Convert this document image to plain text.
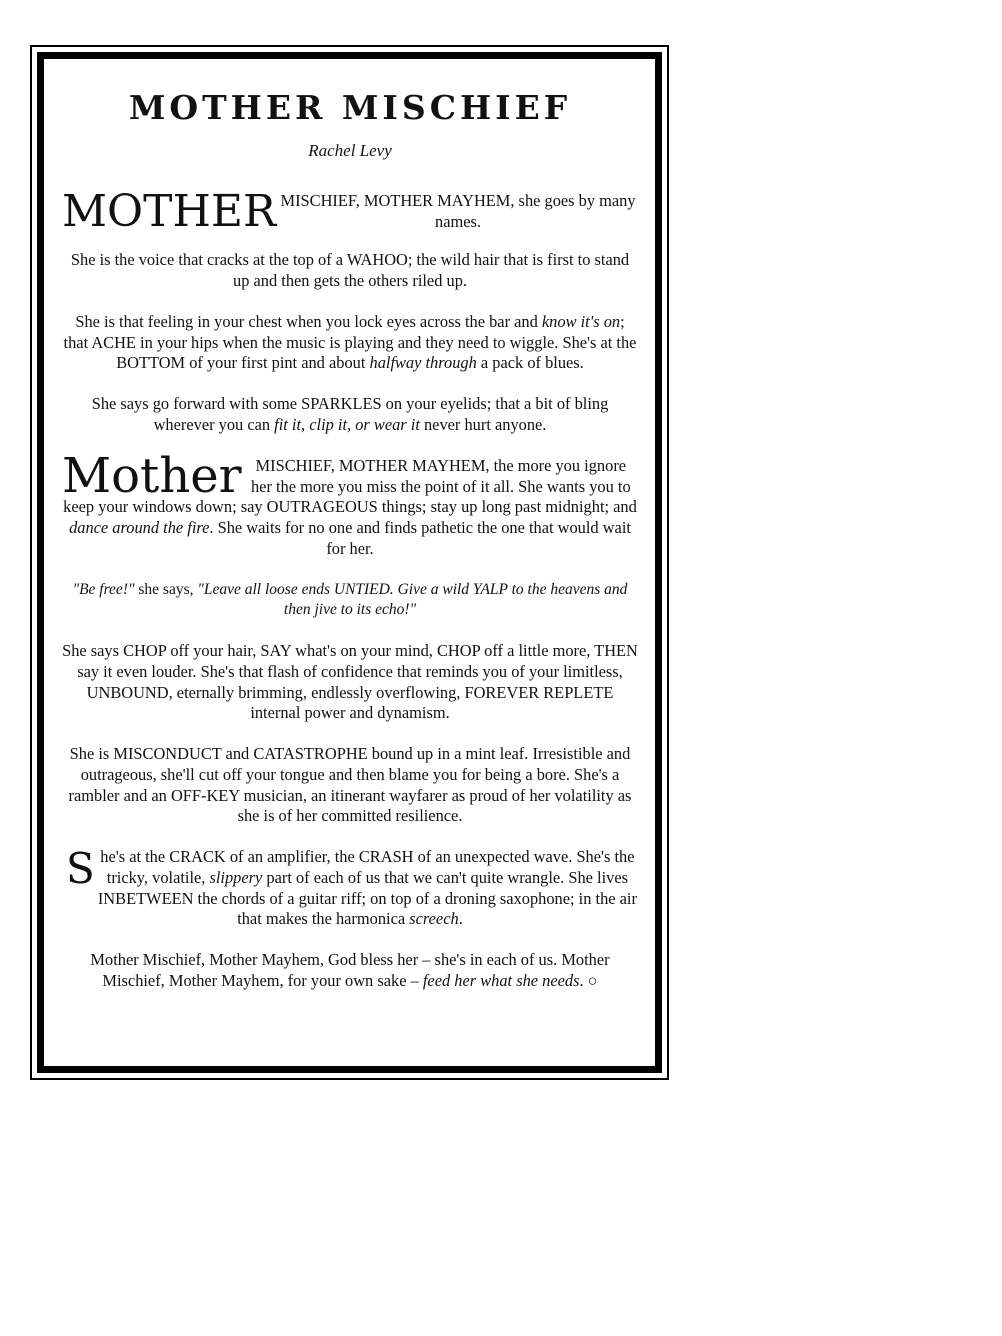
MOTHER MISCHIEF

Rachel Levy

MOTHER MISCHIEF, MOTHER MAYHEM, she goes by many names.

She is the voice that cracks at the top of a WAHOO; the wild hair that is first to stand up and then gets the others riled up.

She is that feeling in your chest when you lock eyes across the bar and know it's on; that ACHE in your hips when the music is playing and they need to wiggle. She's at the BOTTOM of your first pint and about halfway through a pack of blues.

She says go forward with some SPARKLES on your eyelids; that a bit of bling wherever you can fit it, clip it, or wear it never hurt anyone.

Mother MISCHIEF, MOTHER MAYHEM, the more you ignore her the more you miss the point of it all. She wants you to keep your windows down; say OUTRAGEOUS things; stay up long past midnight; and dance around the fire. She waits for no one and finds pathetic the one that would wait for her.

"Be free!" she says, "Leave all loose ends UNTIED. Give a wild YALP to the heavens and then jive to its echo!"

She says CHOP off your hair, SAY what's on your mind, CHOP off a little more, THEN say it even louder. She's that flash of confidence that reminds you of your limitless, UNBOUND, eternally brimming, endlessly overflowing, FOREVER REPLETE internal power and dynamism.

She is MISCONDUCT and CATASTROPHE bound up in a mint leaf. Irresistible and outrageous, she'll cut off your tongue and then blame you for being a bore. She's a rambler and an OFF-KEY musician, an itinerant wayfarer as proud of her volatility as she is of her committed resilience.

She's at the CRACK of an amplifier, the CRASH of an unexpected wave. She's the tricky, volatile, slippery part of each of us that we can't quite wrangle. She lives INBETWEEN the chords of a guitar riff; on top of a droning saxophone; in the air that makes the harmonica screech.

Mother Mischief, Mother Mayhem, God bless her – she's in each of us. Mother Mischief, Mother Mayhem, for your own sake – feed her what she needs. ○
